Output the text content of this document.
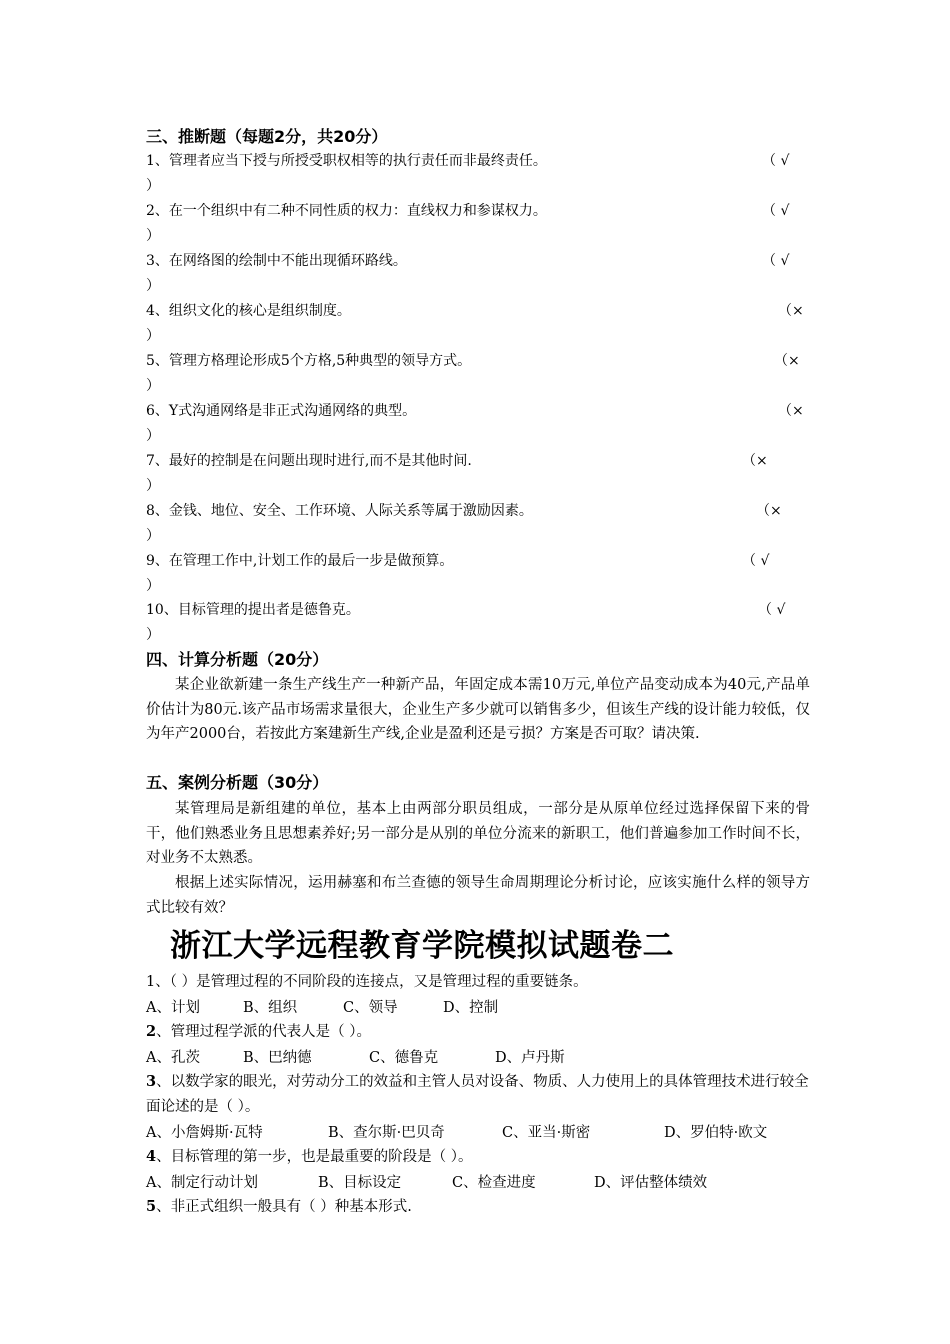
三、推断题（每题2分，共20分）
1、管理者应当下授与所授受职权相等的执行责任而非最终责任。	（ √
）
2、在一个组织中有二种不同性质的权力：直线权力和参谋权力。	（ √
）
3、在网络图的绘制中不能出现循环路线。	（ √
）
4、组织文化的核心是组织制度。	（×
）
5、管理方格理论形成5个方格,5种典型的领导方式。	（×
）
6、Y式沟通网络是非正式沟通网络的典型。	（×
）
7、最好的控制是在问题出现时进行,而不是其他时间.	（×
）
8、金钱、地位、安全、工作环境、人际关系等属于激励因素。	（×
）
9、在管理工作中,计划工作的最后一步是做预算。	（ √
）
10、目标管理的提出者是德鲁克。	（ √
）
四、计算分析题（20分）
某企业欲新建一条生产线生产一种新产品，年固定成本需10万元,单位产品变动成本为40元,产品单价估计为80元.该产品市场需求量很大，企业生产多少就可以销售多少，但该生产线的设计能力较低，仅为年产2000台，若按此方案建新生产线,企业是盈利还是亏损？方案是否可取？请决策.
五、案例分析题（30分）
某管理局是新组建的单位，基本上由两部分职员组成，一部分是从原单位经过选择保留下来的骨干，他们熟悉业务且思想素养好;另一部分是从别的单位分流来的新职工，他们普遍参加工作时间不长，对业务不太熟悉。
根据上述实际情况，运用赫塞和布兰查德的领导生命周期理论分析讨论，应该实施什么样的领导方式比较有效？
浙江大学远程教育学院模拟试题卷二
1、（ ）是管理过程的不同阶段的连接点，又是管理过程的重要链条。
A、计划	B、组织	C、领导	D、控制
2、管理过程学派的代表人是（ ）。
A、孔茨	B、巴纳德	C、德鲁克	D、卢丹斯
3、以数学家的眼光，对劳动分工的效益和主管人员对设备、物质、人力使用上的具体管理技术进行较全面论述的是（ ）。
A、小詹姆斯·瓦特	B、查尔斯·巴贝奇	C、亚当·斯密	D、罗伯特·欧文
4、目标管理的第一步，也是最重要的阶段是（ ）。
A、制定行动计划	B、目标设定	C、检查进度	D、评估整体绩效
5、非正式组织一般具有（ ）种基本形式.
